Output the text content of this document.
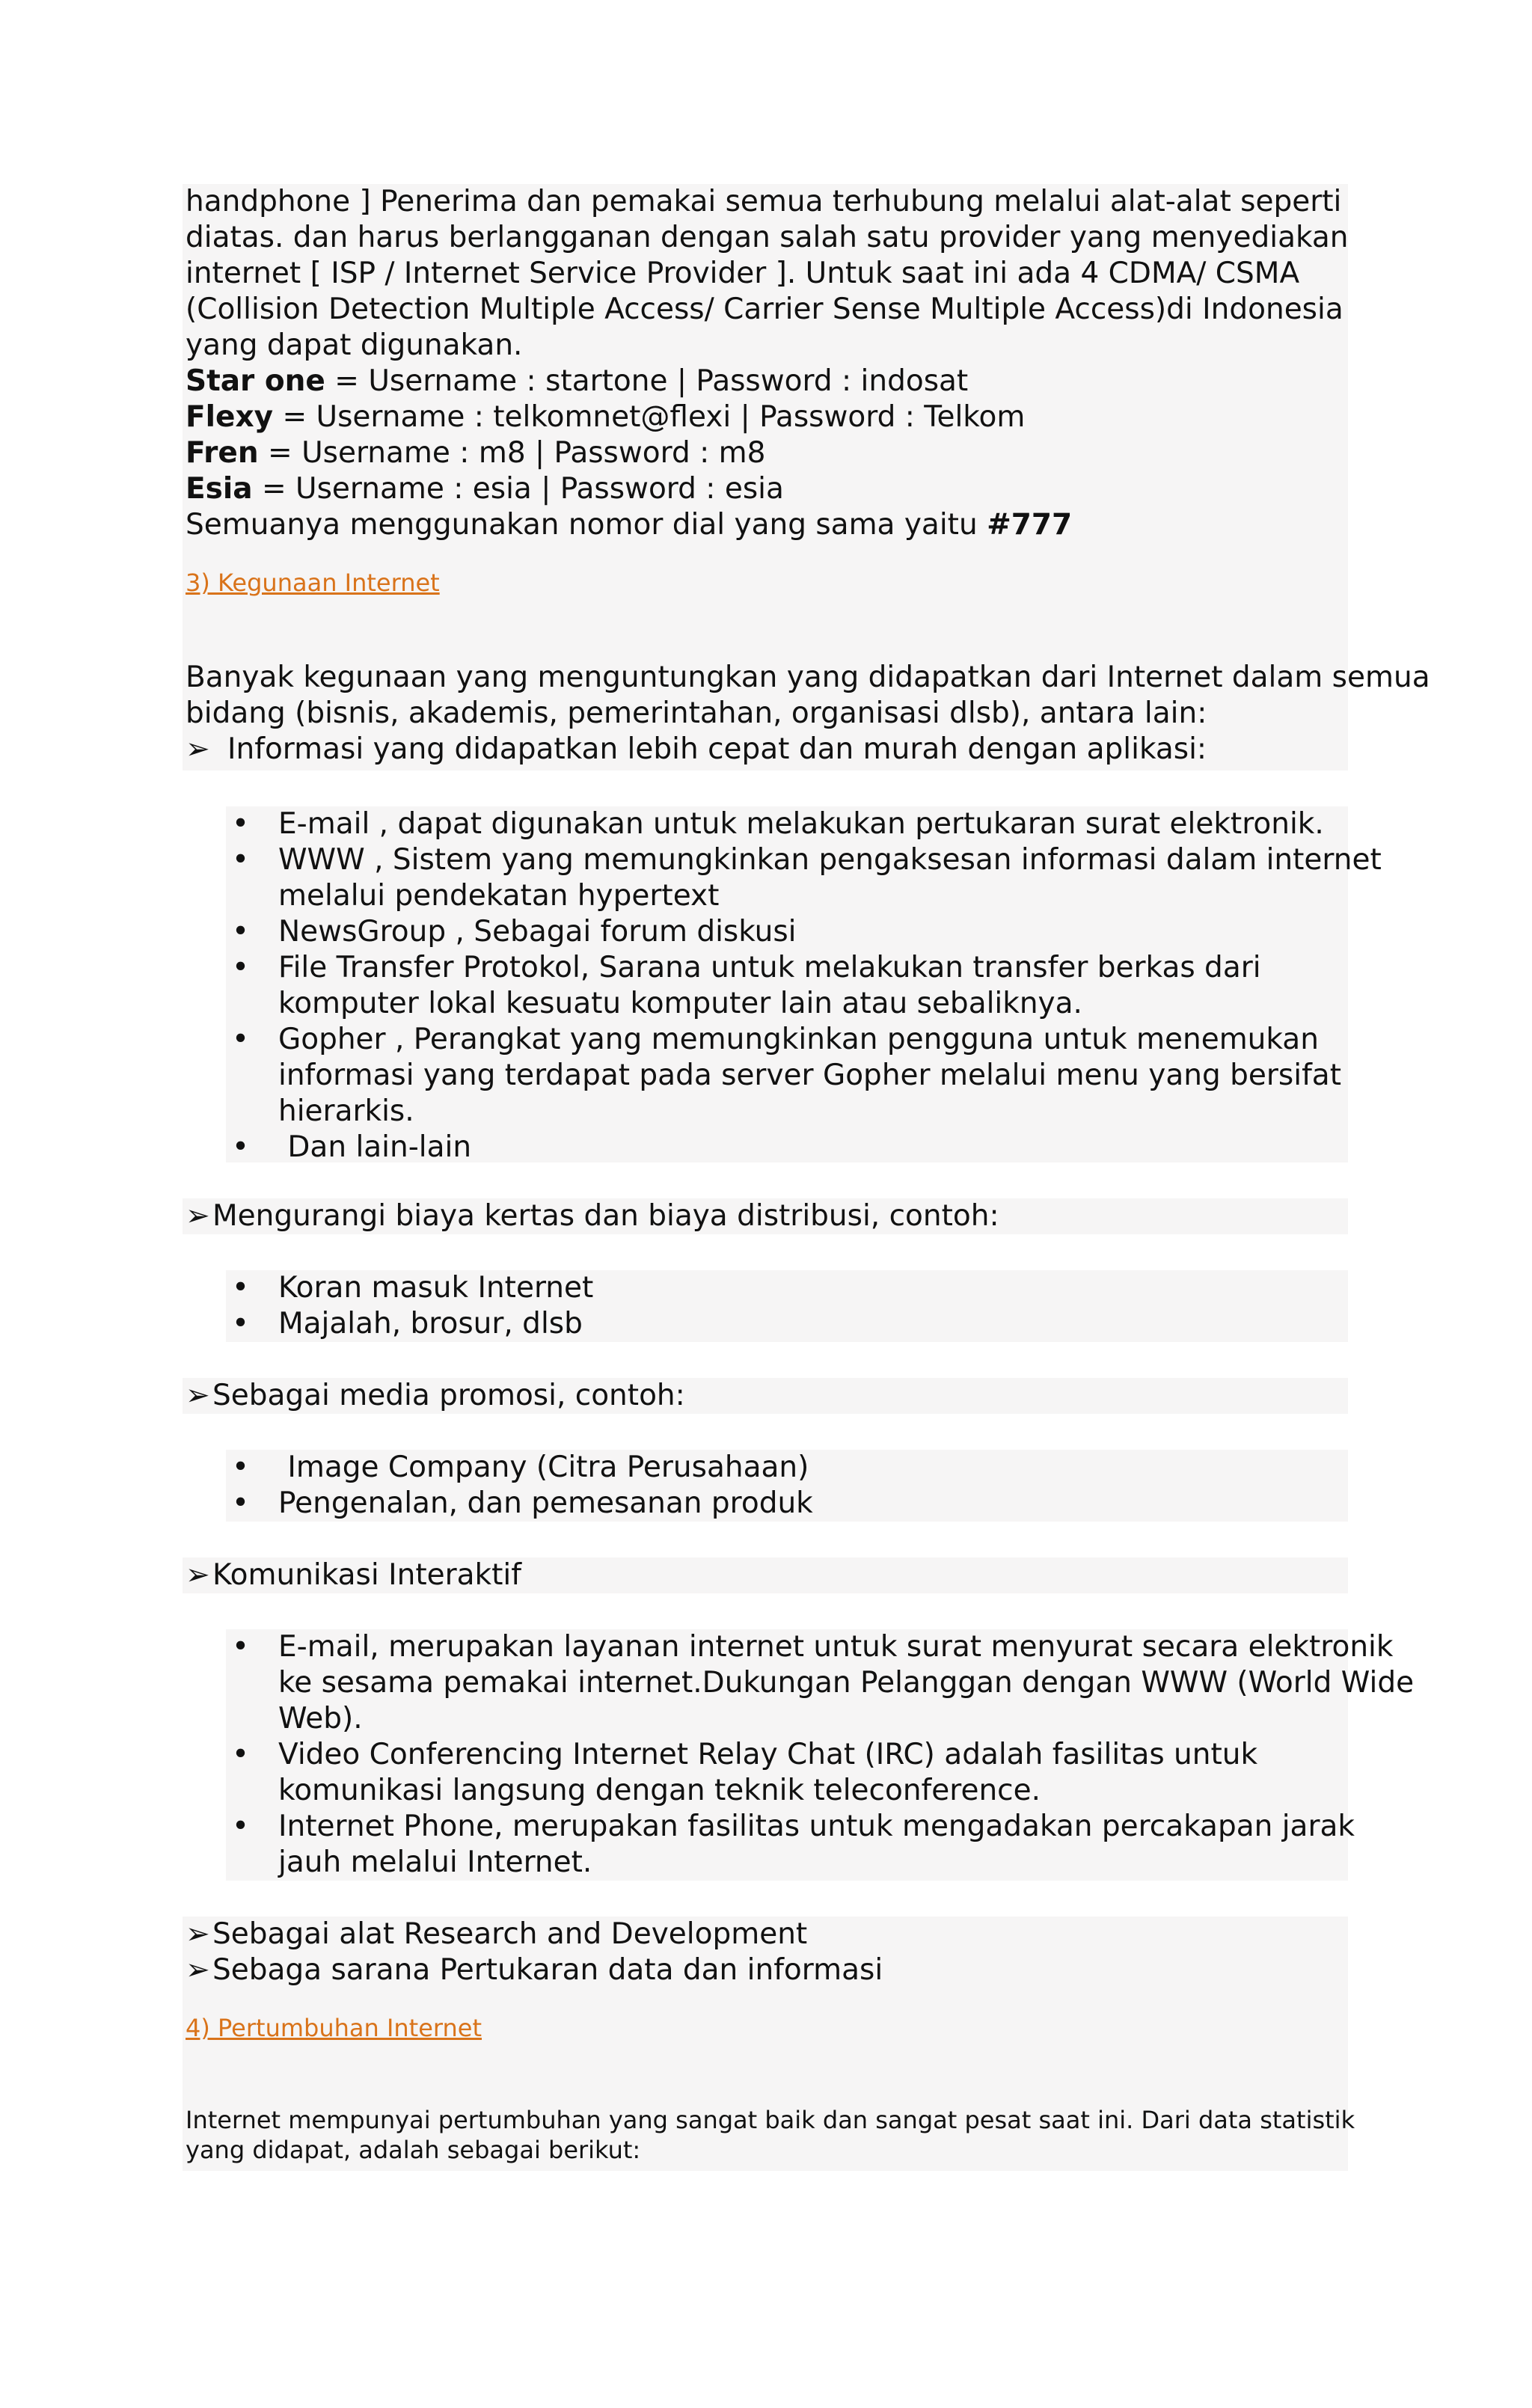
handphone ] Penerima dan pemakai semua terhubung melalui alat-alat seperti
diatas. dan harus berlangganan dengan salah satu provider yang menyediakan
internet [ ISP / Internet Service Provider ]. Untuk saat ini ada 4 CDMA/ CSMA
(Collision Detection Multiple Access/ Carrier Sense Multiple Access)di Indonesia
yang dapat digunakan.
Star one = Username : startone | Password : indosat
Flexy = Username : telkomnet@flexi | Password : Telkom
Fren = Username : m8 | Password : m8
Esia = Username : esia | Password : esia
Semuanya menggunakan nomor dial yang sama yaitu #777
3) Kegunaan Internet
Banyak kegunaan yang menguntungkan yang didapatkan dari Internet dalam semua
bidang (bisnis, akademis, pemerintahan, organisasi dlsb), antara lain:
➢ Informasi yang didapatkan lebih cepat dan murah dengan aplikasi:
• E-mail , dapat digunakan untuk melakukan pertukaran surat elektronik.
• WWW , Sistem yang memungkinkan pengaksesan informasi dalam internet
melalui pendekatan hypertext
• NewsGroup , Sebagai forum diskusi
• File Transfer Protokol, Sarana untuk melakukan transfer berkas dari
komputer lokal kesuatu komputer lain atau sebaliknya.
• Gopher , Perangkat yang memungkinkan pengguna untuk menemukan
informasi yang terdapat pada server Gopher melalui menu yang bersifat
hierarkis.
• Dan lain-lain
➢Mengurangi biaya kertas dan biaya distribusi, contoh:
• Koran masuk Internet
• Majalah, brosur, dlsb
➢Sebagai media promosi, contoh:
• Image Company (Citra Perusahaan)
• Pengenalan, dan pemesanan produk
➢Komunikasi Interaktif
• E-mail, merupakan layanan internet untuk surat menyurat secara elektronik
ke sesama pemakai internet.Dukungan Pelanggan dengan WWW (World Wide
Web).
• Video Conferencing Internet Relay Chat (IRC) adalah fasilitas untuk
komunikasi langsung dengan teknik teleconference.
• Internet Phone, merupakan fasilitas untuk mengadakan percakapan jarak
jauh melalui Internet.
➢Sebagai alat Research and Development
➢Sebaga sarana Pertukaran data dan informasi
4) Pertumbuhan Internet
Internet mempunyai pertumbuhan yang sangat baik dan sangat pesat saat ini. Dari data statistik
yang didapat, adalah sebagai berikut:
